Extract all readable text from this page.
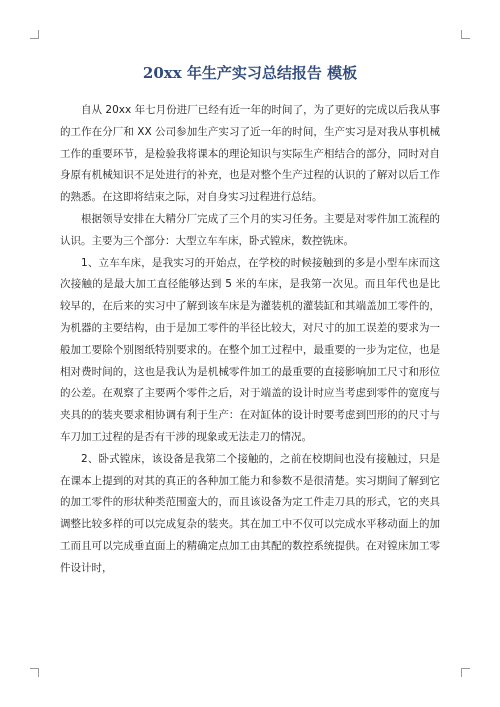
20xx 年生产实习总结报告 模板

自从 20xx 年七月份进厂已经有近一年的时间了，为了更好的完成以后我从事的工作在分厂和 XX 公司参加生产实习了近一年的时间，生产实习是对我从事机械工作的重要环节，是检验我将课本的理论知识与实际生产相结合的部分，同时对自身原有机械知识不足处进行的补充，也是对整个生产过程的认识的了解对以后工作的熟悉。在这即将结束之际，对自身实习过程进行总结。

根据领导安排在大精分厂完成了三个月的实习任务。主要是对零件加工流程的认识。主要为三个部分：大型立车车床，卧式镗床，数控铣床。

1、立车车床，是我实习的开始点，在学校的时候接触到的多是小型车床而这次接触的是最大加工直径能够达到 5 米的车床，是我第一次见。而且年代也是比较早的，在后来的实习中了解到该车床是为灌装机的灌装缸和其端盖加工零件的，为机器的主要结构，由于是加工零件的半径比较大，对尺寸的加工误差的要求为一般加工要除个别图纸特别要求的。在整个加工过程中，最重要的一步为定位，也是相对费时间的，这也是我认为是机械零件加工的最重要的直接影响加工尺寸和形位的公差。在观察了主要两个零件之后，对于端盖的设计时应当考虑到零件的宽度与夹具的的装夹要求相协调有利于生产：在对缸体的设计时要考虑到凹形的的尺寸与车刀加工过程的是否有干涉的现象或无法走刀的情况。

2、卧式镗床，该设备是我第二个接触的，之前在校期间也没有接触过，只是在课本上提到的对其的真正的各种加工能力和参数不是很清楚。实习期间了解到它的加工零件的形状种类范围蛮大的，而且该设备为定工件走刀具的形式，它的夹具调整比较多样的可以完成复杂的装夹。其在加工中不仅可以完成水平移动面上的加工而且可以完成垂直面上的精确定点加工由其配的数控系统提供。在对镗床加工零件设计时，
